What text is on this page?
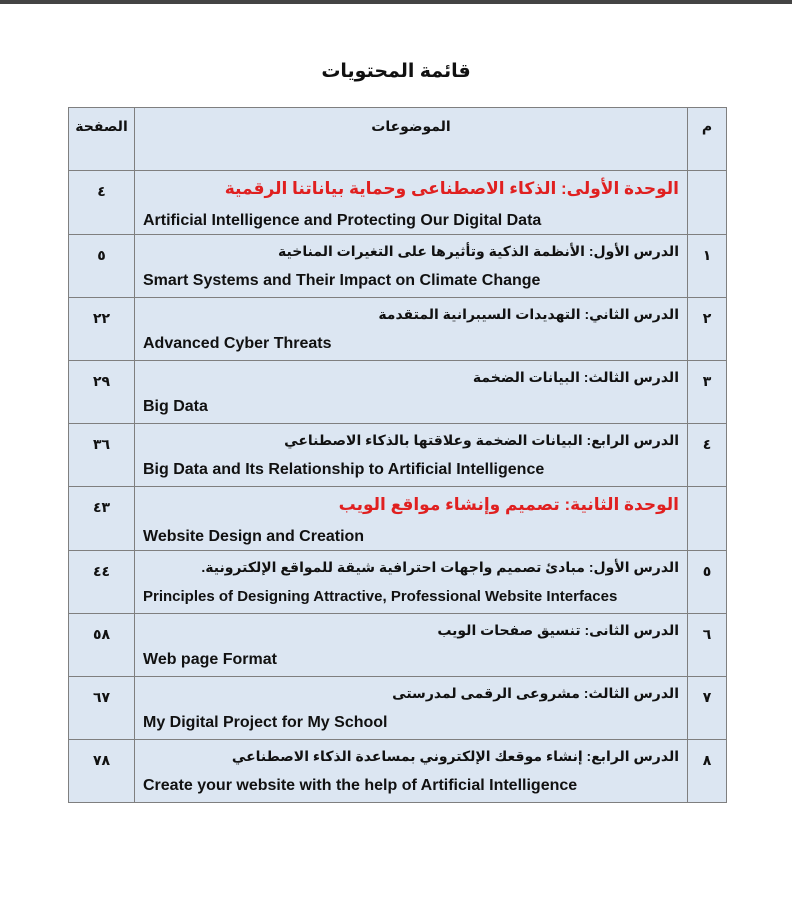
قائمة المحتويات
م	الموضوعات	الصفحة

	الوحدة الأولى: الذكاء الاصطناعى وحماية بياناتنا الرقمية
Artificial Intelligence and Protecting Our Digital Data	٤

١	الدرس الأول: الأنظمة الذكية وتأثيرها على التغيرات المناخية
Smart Systems and Their Impact on Climate Change	٥

٢	الدرس الثاني: التهديدات السيبرانية المتقدمة
Advanced Cyber Threats	٢٢

٣	الدرس الثالث: البيانات الضخمة
Big Data	٢٩

٤	الدرس الرابع: البيانات الضخمة وعلاقتها بالذكاء الاصطناعي
Big Data and Its Relationship to Artificial Intelligence	٣٦

	الوحدة الثانية: تصميم وإنشاء مواقع الويب
Website Design and Creation	٤٣

٥	الدرس الأول: مبادئ تصميم واجهات احترافية شيقة للمواقع الإلكترونية.
Principles of Designing Attractive, Professional Website Interfaces	٤٤

٦	الدرس الثانى: تنسيق صفحات الويب
Web page Format	٥٨

٧	الدرس الثالث: مشروعى الرقمى لمدرستى
My Digital Project for My School	٦٧

٨	الدرس الرابع: إنشاء موقعك الإلكتروني بمساعدة الذكاء الاصطناعي
Create your website with the help of Artificial Intelligence	٧٨
